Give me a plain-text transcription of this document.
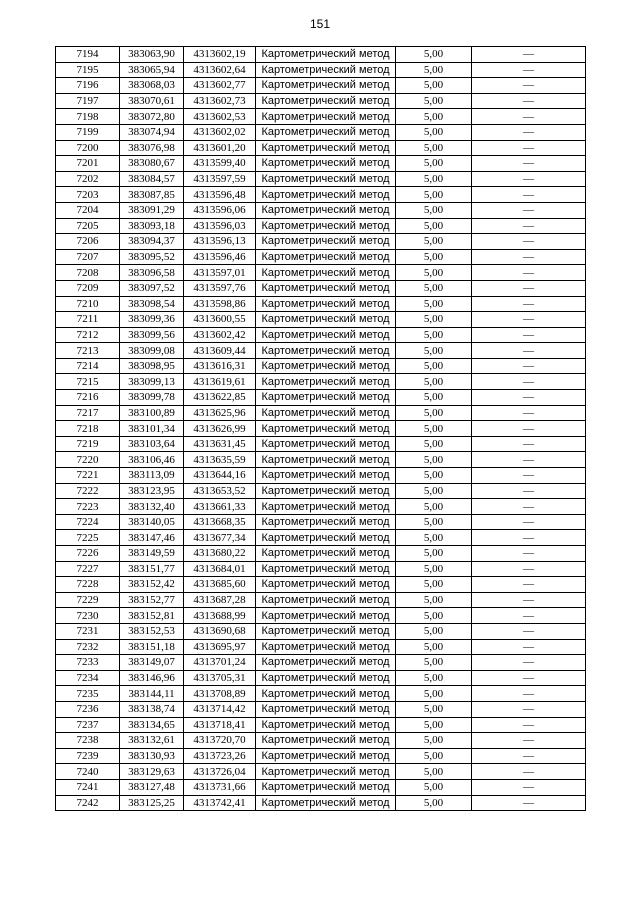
151
7194	383063,90	4313602,19	Картометрический метод	5,00	—
7195	383065,94	4313602,64	Картометрический метод	5,00	—
7196	383068,03	4313602,77	Картометрический метод	5,00	—
7197	383070,61	4313602,73	Картометрический метод	5,00	—
7198	383072,80	4313602,53	Картометрический метод	5,00	—
7199	383074,94	4313602,02	Картометрический метод	5,00	—
7200	383076,98	4313601,20	Картометрический метод	5,00	—
7201	383080,67	4313599,40	Картометрический метод	5,00	—
7202	383084,57	4313597,59	Картометрический метод	5,00	—
7203	383087,85	4313596,48	Картометрический метод	5,00	—
7204	383091,29	4313596,06	Картометрический метод	5,00	—
7205	383093,18	4313596,03	Картометрический метод	5,00	—
7206	383094,37	4313596,13	Картометрический метод	5,00	—
7207	383095,52	4313596,46	Картометрический метод	5,00	—
7208	383096,58	4313597,01	Картометрический метод	5,00	—
7209	383097,52	4313597,76	Картометрический метод	5,00	—
7210	383098,54	4313598,86	Картометрический метод	5,00	—
7211	383099,36	4313600,55	Картометрический метод	5,00	—
7212	383099,56	4313602,42	Картометрический метод	5,00	—
7213	383099,08	4313609,44	Картометрический метод	5,00	—
7214	383098,95	4313616,31	Картометрический метод	5,00	—
7215	383099,13	4313619,61	Картометрический метод	5,00	—
7216	383099,78	4313622,85	Картометрический метод	5,00	—
7217	383100,89	4313625,96	Картометрический метод	5,00	—
7218	383101,34	4313626,99	Картометрический метод	5,00	—
7219	383103,64	4313631,45	Картометрический метод	5,00	—
7220	383106,46	4313635,59	Картометрический метод	5,00	—
7221	383113,09	4313644,16	Картометрический метод	5,00	—
7222	383123,95	4313653,52	Картометрический метод	5,00	—
7223	383132,40	4313661,33	Картометрический метод	5,00	—
7224	383140,05	4313668,35	Картометрический метод	5,00	—
7225	383147,46	4313677,34	Картометрический метод	5,00	—
7226	383149,59	4313680,22	Картометрический метод	5,00	—
7227	383151,77	4313684,01	Картометрический метод	5,00	—
7228	383152,42	4313685,60	Картометрический метод	5,00	—
7229	383152,77	4313687,28	Картометрический метод	5,00	—
7230	383152,81	4313688,99	Картометрический метод	5,00	—
7231	383152,53	4313690,68	Картометрический метод	5,00	—
7232	383151,18	4313695,97	Картометрический метод	5,00	—
7233	383149,07	4313701,24	Картометрический метод	5,00	—
7234	383146,96	4313705,31	Картометрический метод	5,00	—
7235	383144,11	4313708,89	Картометрический метод	5,00	—
7236	383138,74	4313714,42	Картометрический метод	5,00	—
7237	383134,65	4313718,41	Картометрический метод	5,00	—
7238	383132,61	4313720,70	Картометрический метод	5,00	—
7239	383130,93	4313723,26	Картометрический метод	5,00	—
7240	383129,63	4313726,04	Картометрический метод	5,00	—
7241	383127,48	4313731,66	Картометрический метод	5,00	—
7242	383125,25	4313742,41	Картометрический метод	5,00	—
